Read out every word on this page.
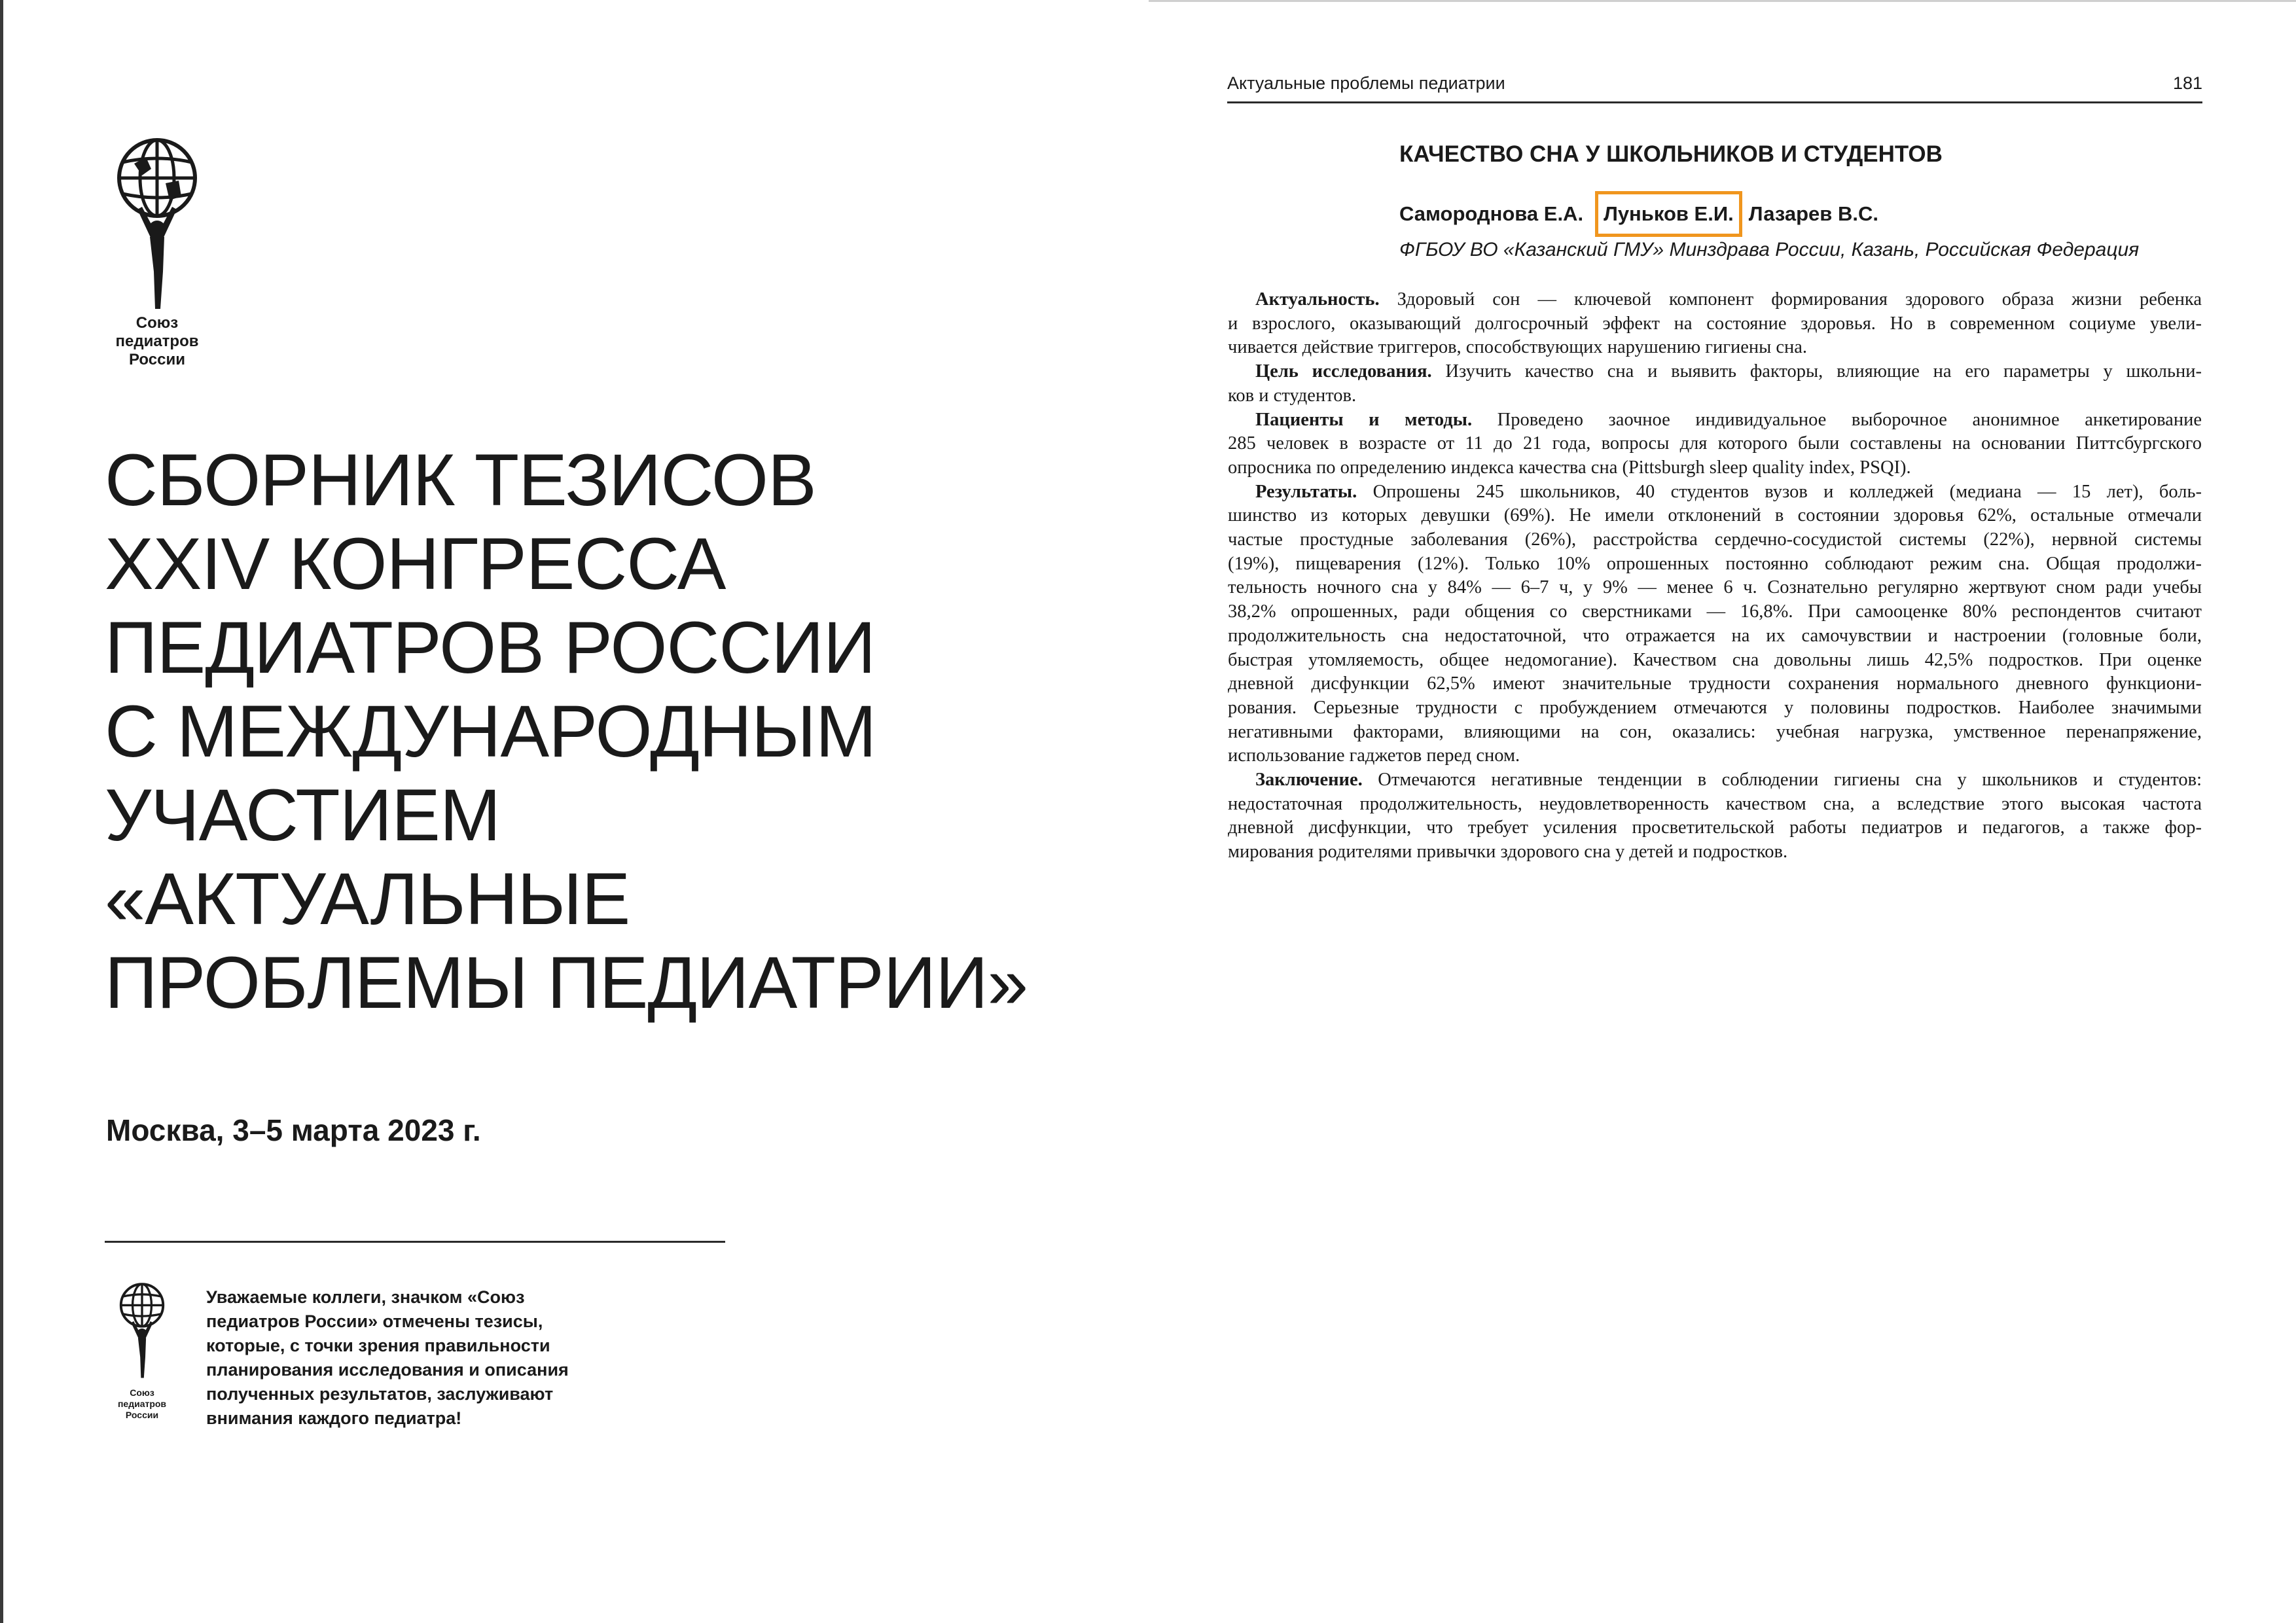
Союз
педиатров
России
СБОРНИК ТЕЗИСОВ
XXIV КОНГРЕССА
ПЕДИАТРОВ РОССИИ
С МЕЖДУНАРОДНЫМ
УЧАСТИЕМ
«АКТУАЛЬНЫЕ
ПРОБЛЕМЫ ПЕДИАТРИИ»
Москва, 3–5 марта 2023 г.
Союз
педиатров
России
Уважаемые коллеги, значком «Союз
педиатров России» отмечены тезисы,
которые, с точки зрения правильности
планирования исследования и описания
полученных результатов, заслуживают
внимания каждого педиатра!
Актуальные проблемы педиатрии	181
КАЧЕСТВО СНА У ШКОЛЬНИКОВ И СТУДЕНТОВ
Самороднова Е.А. Луньков Е.И. Лазарев В.С.
ФГБОУ ВО «Казанский ГМУ» Минздрава России, Казань, Российская Федерация
Актуальность. Здоровый сон — ключевой компонент формирования здорового образа жизни ребенка
и взрослого, оказывающий долгосрочный эффект на состояние здоровья. Но в современном социуме увели-
чивается действие триггеров, способствующих нарушению гигиены сна.
Цель исследования. Изучить качество сна и выявить факторы, влияющие на его параметры у школьни-
ков и студентов.
Пациенты и методы. Проведено заочное индивидуальное выборочное анонимное анкетирование
285 человек в возрасте от 11 до 21 года, вопросы для которого были составлены на основании Питтсбургского
опросника по определению индекса качества сна (Pittsburgh sleep quality index, PSQI).
Результаты. Опрошены 245 школьников, 40 студентов вузов и колледжей (медиана — 15 лет), боль-
шинство из которых девушки (69%). Не имели отклонений в состоянии здоровья 62%, остальные отмечали
частые простудные заболевания (26%), расстройства сердечно-сосудистой системы (22%), нервной системы
(19%), пищеварения (12%). Только 10% опрошенных постоянно соблюдают режим сна. Общая продолжи-
тельность ночного сна у 84% — 6–7 ч, у 9% — менее 6 ч. Сознательно регулярно жертвуют сном ради учебы
38,2% опрошенных, ради общения со сверстниками — 16,8%. При самооценке 80% респондентов считают
продолжительность сна недостаточной, что отражается на их самочувствии и настроении (головные боли,
быстрая утомляемость, общее недомогание). Качеством сна довольны лишь 42,5% подростков. При оценке
дневной дисфункции 62,5% имеют значительные трудности сохранения нормального дневного функциони-
рования. Серьезные трудности с пробуждением отмечаются у половины подростков. Наиболее значимыми
негативными факторами, влияющими на сон, оказались: учебная нагрузка, умственное перенапряжение,
использование гаджетов перед сном.
Заключение. Отмечаются негативные тенденции в соблюдении гигиены сна у школьников и студентов:
недостаточная продолжительность, неудовлетворенность качеством сна, а вследствие этого высокая частота
дневной дисфункции, что требует усиления просветительской работы педиатров и педагогов, а также фор-
мирования родителями привычки здорового сна у детей и подростков.
